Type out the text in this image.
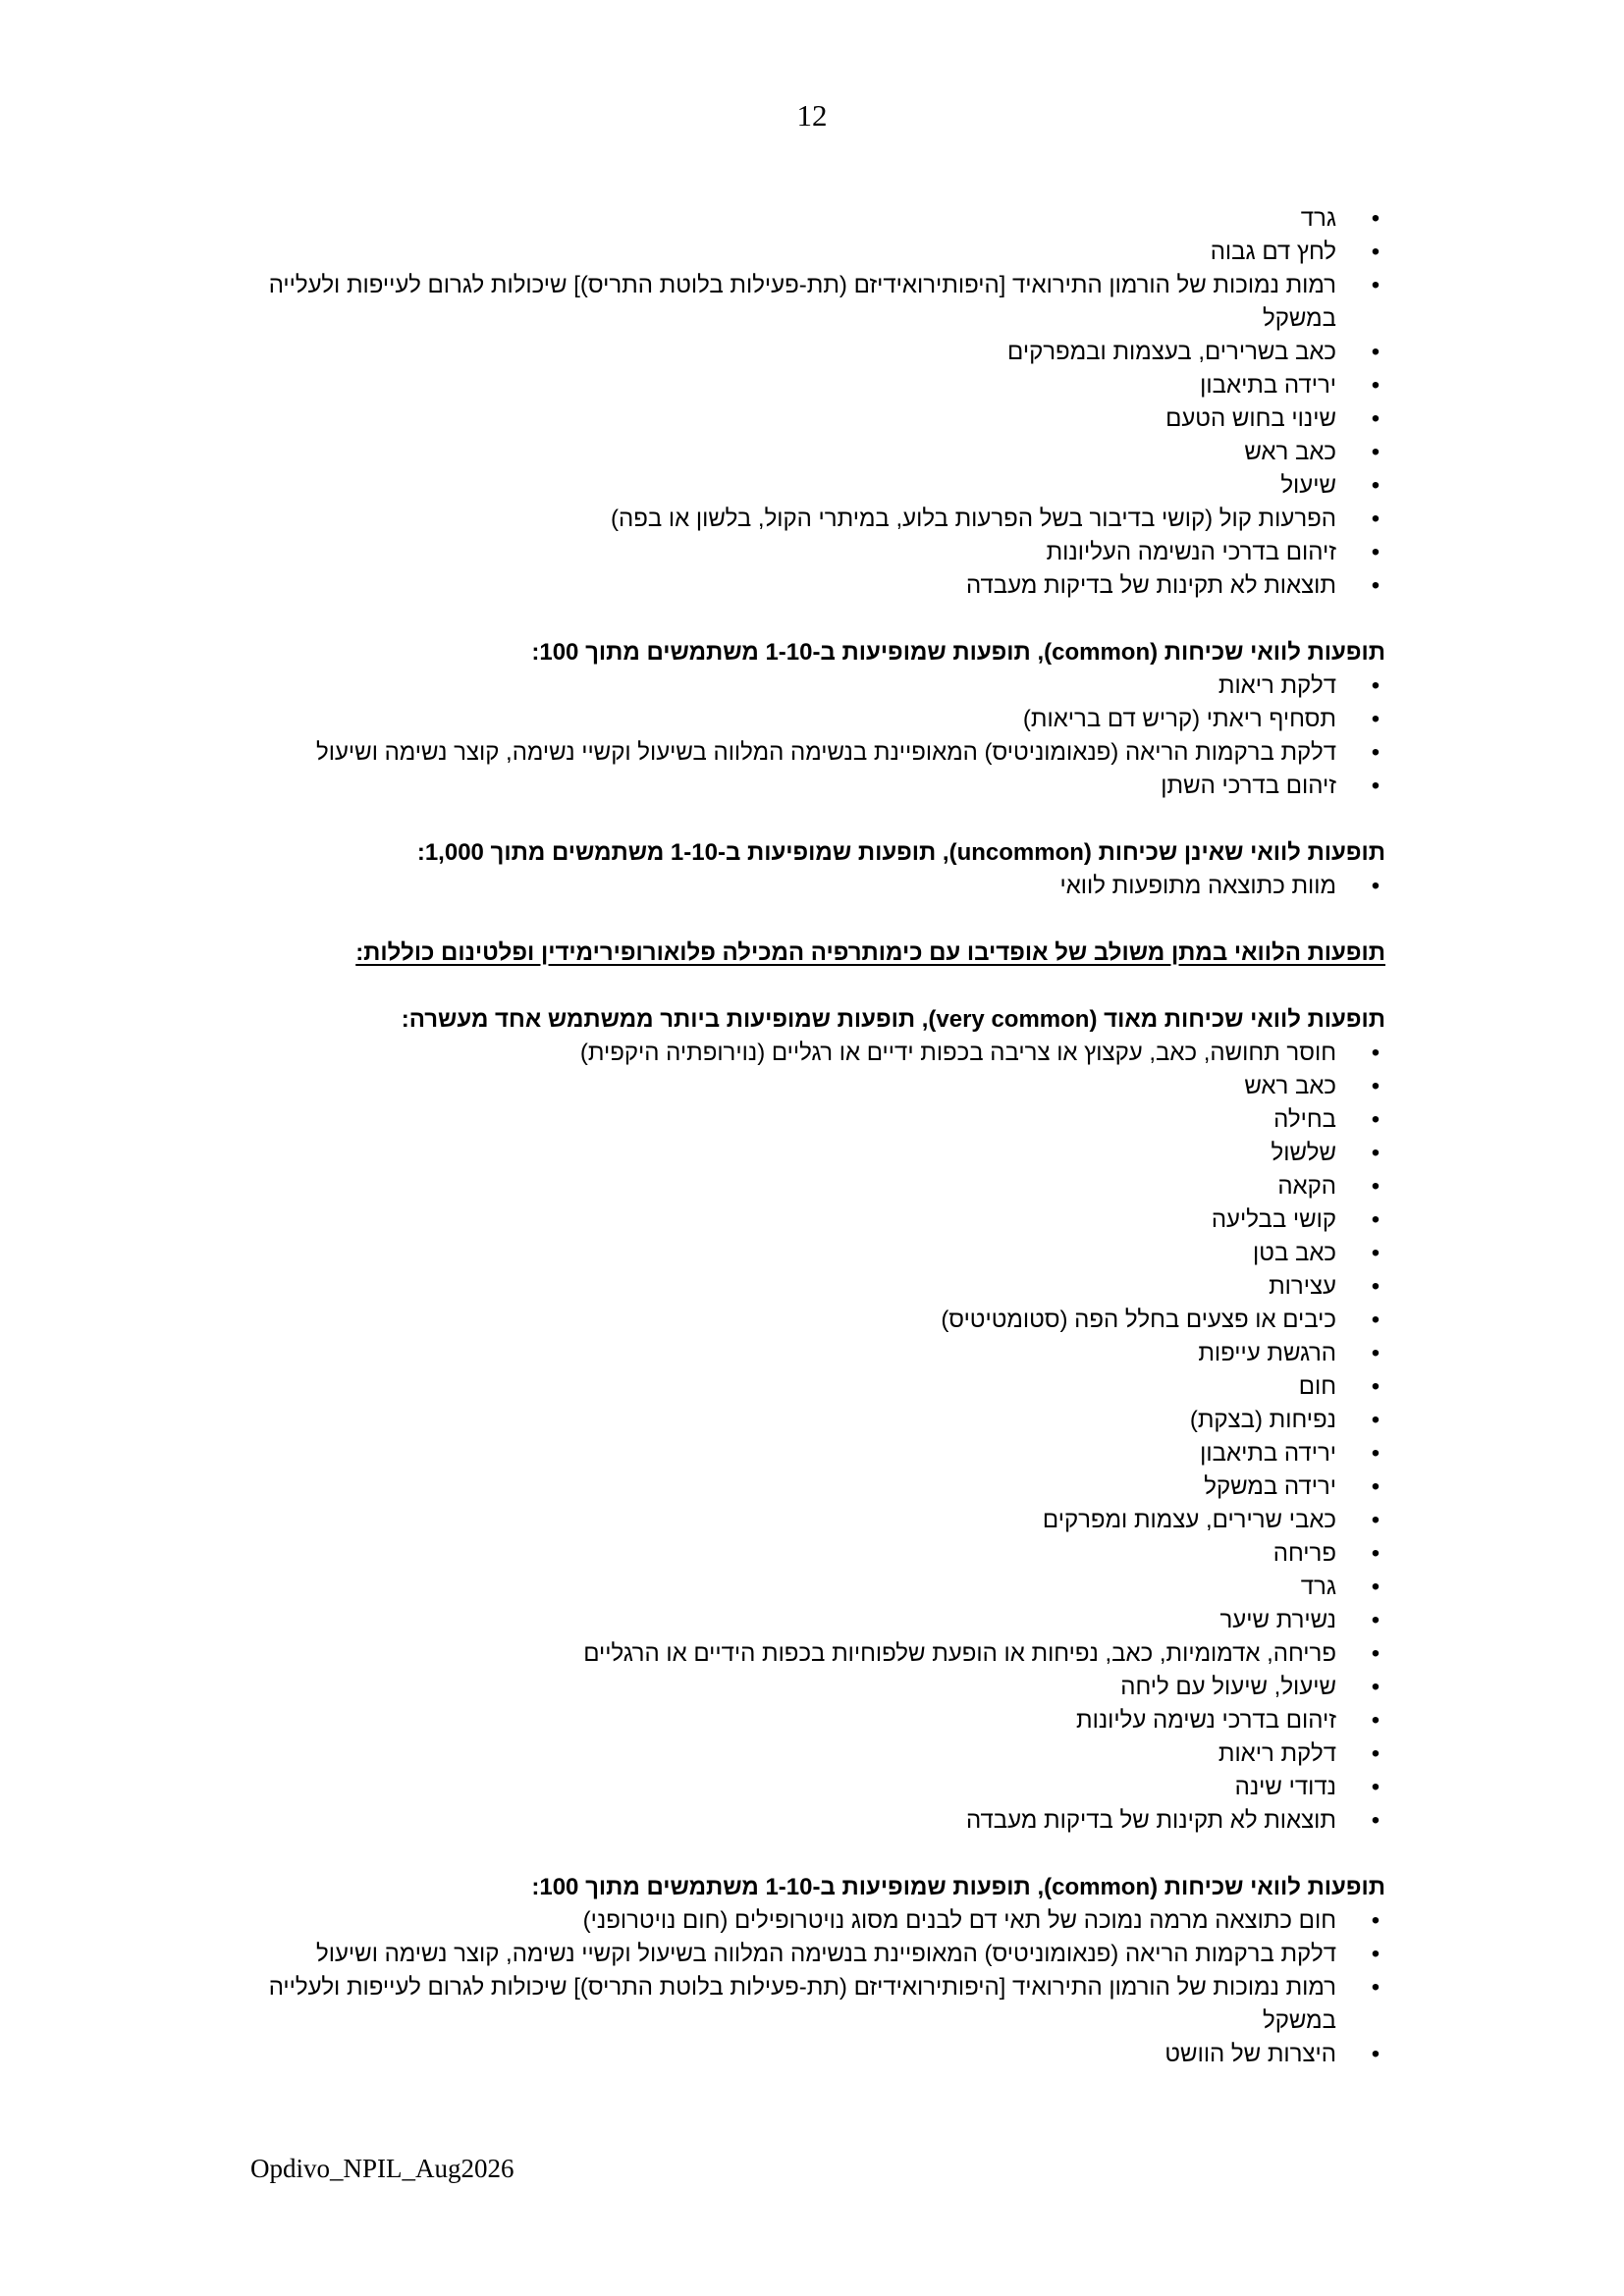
12
• גרד
• לחץ דם גבוה
• רמות נמוכות של הורמון התירואיד [היפותירואידיזם (תת-פעילות בלוטת התריס)] שיכולות לגרום לעייפות ולעלייה במשקל
• כאב בשרירים, בעצמות ובמפרקים
• ירידה בתיאבון
• שינוי בחוש הטעם
• כאב ראש
• שיעול
• הפרעות קול (קושי בדיבור בשל הפרעות בלוע, במיתרי הקול, בלשון או בפה)
• זיהום בדרכי הנשימה העליונות
• תוצאות לא תקינות של בדיקות מעבדה
תופעות לוואי שכיחות (common), תופעות שמופיעות ב-1-10 משתמשים מתוך 100:
• דלקת ריאות
• תסחיף ריאתי (קריש דם בריאות)
• דלקת ברקמות הריאה (פנאומוניטיס) המאופיינת בנשימה המלווה בשיעול וקשיי נשימה, קוצר נשימה ושיעול
• זיהום בדרכי השתן
תופעות לוואי שאינן שכיחות (uncommon), תופעות שמופיעות ב-1-10 משתמשים מתוך 1,000:
• מוות כתוצאה מתופעות לוואי
תופעות הלוואי במתן משולב של אופדיבו עם כימותרפיה המכילה פלואורופירימידין ופלטינום כוללות:
תופעות לוואי שכיחות מאוד (very common), תופעות שמופיעות ביותר ממשתמש אחד מעשרה:
• חוסר תחושה, כאב, עקצוץ או צריבה בכפות ידיים או רגליים (נוירופתיה היקפית)
• כאב ראש
• בחילה
• שלשול
• הקאה
• קושי בבליעה
• כאב בטן
• עצירות
• כיבים או פצעים בחלל הפה (סטומטיטיס)
• הרגשת עייפות
• חום
• נפיחות (בצקת)
• ירידה בתיאבון
• ירידה במשקל
• כאבי שרירים, עצמות ומפרקים
• פריחה
• גרד
• נשירת שיער
• פריחה, אדמומיות, כאב, נפיחות או הופעת שלפוחיות בכפות הידיים או הרגליים
• שיעול, שיעול עם ליחה
• זיהום בדרכי נשימה עליונות
• דלקת ריאות
• נדודי שינה
• תוצאות לא תקינות של בדיקות מעבדה
תופעות לוואי שכיחות (common), תופעות שמופיעות ב-1-10 משתמשים מתוך 100:
• חום כתוצאה מרמה נמוכה של תאי דם לבנים מסוג נויטרופילים (חום נויטרופני)
• דלקת ברקמות הריאה (פנאומוניטיס) המאופיינת בנשימה המלווה בשיעול וקשיי נשימה, קוצר נשימה ושיעול
• רמות נמוכות של הורמון התירואיד [היפותירואידיזם (תת-פעילות בלוטת התריס)] שיכולות לגרום לעייפות ולעלייה במשקל
• היצרות של הוושט
Opdivo_NPIL_Aug2026
